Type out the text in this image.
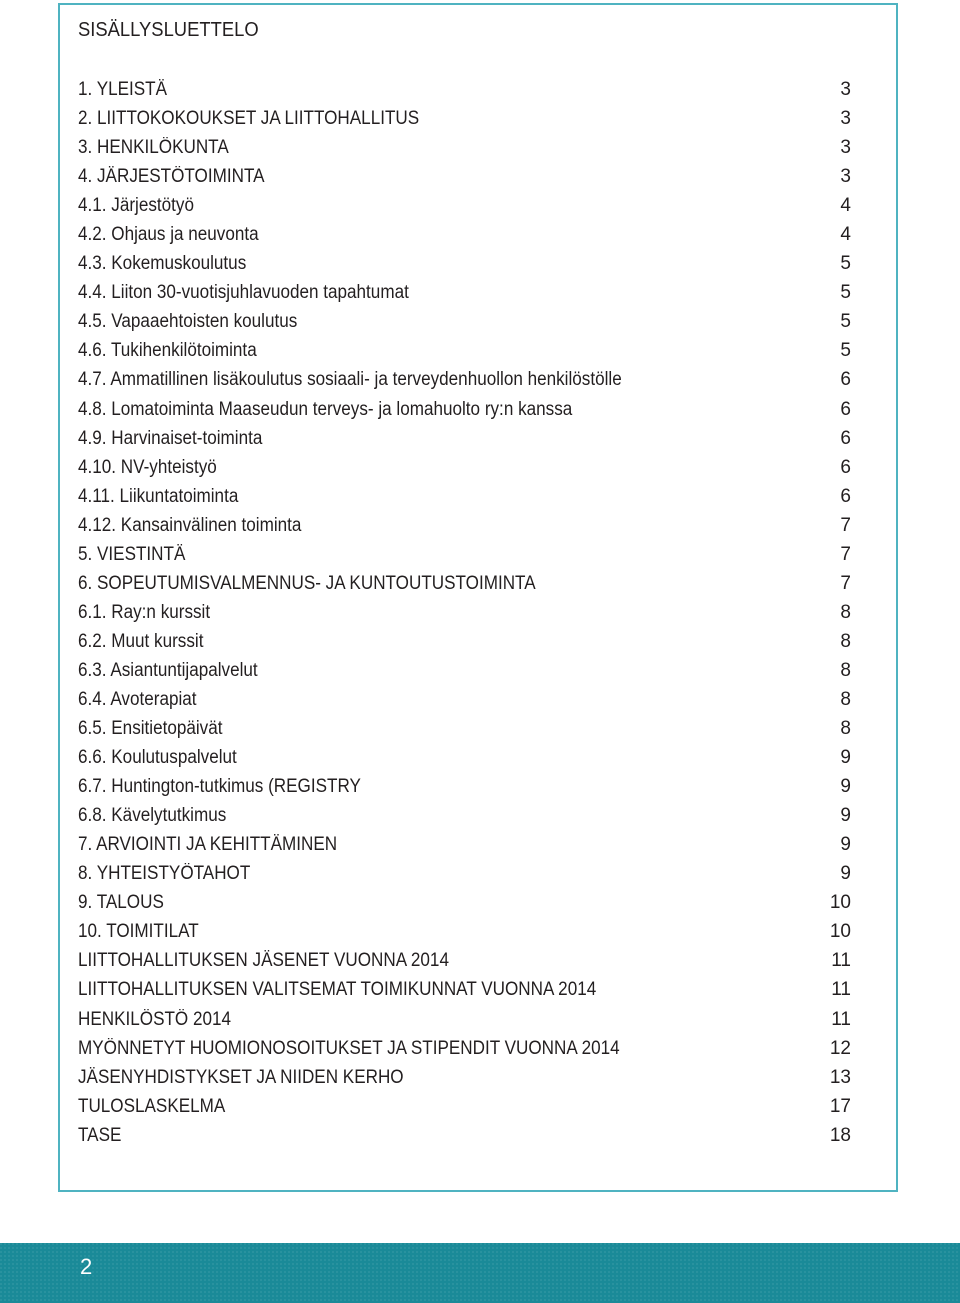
SISÄLLYSLUETTELO
1. YLEISTÄ	3
2. LIITTOKOKOUKSET JA LIITTOHALLITUS	3
3. HENKILÖKUNTA	3
4. JÄRJESTÖTOIMINTA	3
4.1. Järjestötyö	4
4.2. Ohjaus ja neuvonta	4
4.3. Kokemuskoulutus	5
4.4. Liiton 30-vuotisjuhlavuoden tapahtumat	5
4.5. Vapaaehtoisten koulutus	5
4.6. Tukihenkilötoiminta	5
4.7. Ammatillinen lisäkoulutus sosiaali- ja terveydenhuollon henkilöstölle	6
4.8. Lomatoiminta Maaseudun terveys- ja lomahuolto ry:n kanssa	6
4.9. Harvinaiset-toiminta	6
4.10. NV-yhteistyö	6
4.11. Liikuntatoiminta	6
4.12. Kansainvälinen toiminta	7
5. VIESTINTÄ	7
6. SOPEUTUMISVALMENNUS- JA KUNTOUTUSTOIMINTA	7
6.1. Ray:n kurssit	8
6.2. Muut kurssit	8
6.3. Asiantuntijapalvelut	8
6.4. Avoterapiat	8
6.5. Ensitietopäivät	8
6.6. Koulutuspalvelut	9
6.7. Huntington-tutkimus (REGISTRY	9
6.8. Kävelytutkimus	9
7. ARVIOINTI JA KEHITTÄMINEN	9
8. YHTEISTYÖTAHOT	9
9. TALOUS	10
10. TOIMITILAT	10
LIITTOHALLITUKSEN JÄSENET VUONNA 2014	11
LIITTOHALLITUKSEN VALITSEMAT TOIMIKUNNAT VUONNA 2014	11
HENKILÖSTÖ 2014	11
MYÖNNETYT HUOMIONOSOITUKSET JA STIPENDIT VUONNA 2014	12
JÄSENYHDISTYKSET JA NIIDEN KERHO	13
TULOSLASKELMA	17
TASE	18
2
